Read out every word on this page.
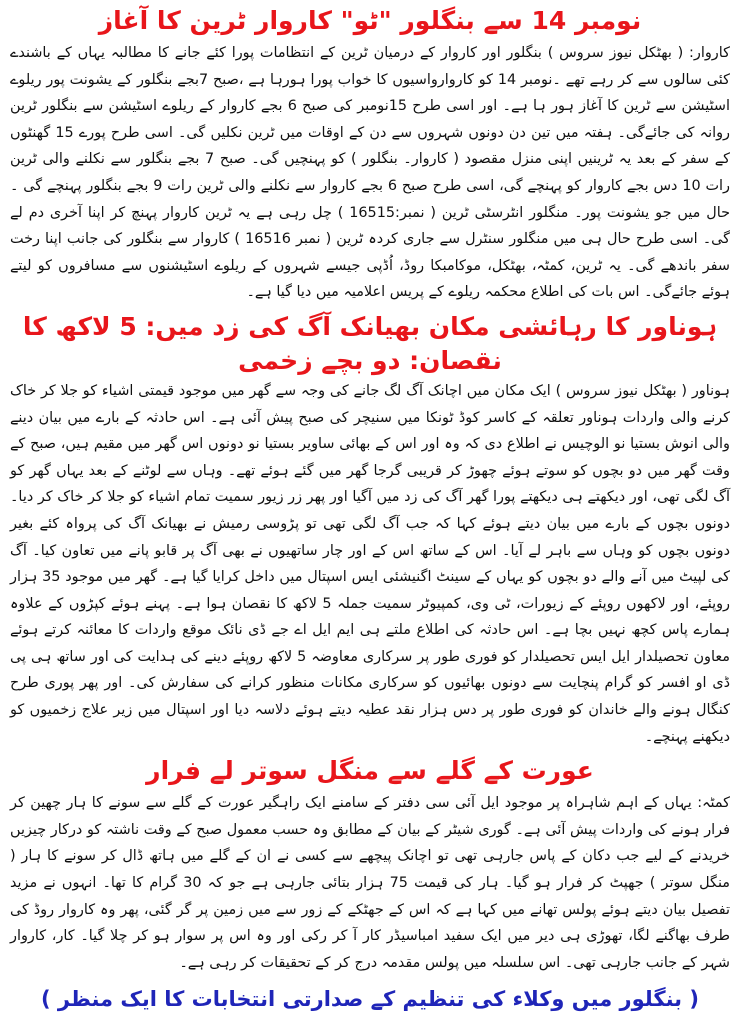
نومبر 14 سے بنگلور "ٹو" کاروار ٹرین کا آغاز

کاروار: ( بھٹکل نیوز سروس ) بنگلور اور کاروار کے درمیان ٹرین کے انتظامات پورا کئے جانے کا مطالبہ یہاں کے باشندے کئی سالوں سے کر رہے تھے ۔نومبر 14 کو کاروارواسیوں کا خواب پورا ہورہا ہے ،صبح 7بجے بنگلور کے یشونت پور ریلوے اسٹیشن سے ٹرین کا آغاز ہور ہا ہے۔ اور اسی طرح 15نومبر کی صبح 6 بجے کاروار کے ریلوے اسٹیشن سے بنگلور ٹرین روانہ کی جائےگی۔ ہفتہ میں تین دن دونوں شہروں سے دن کے اوقات میں ٹرین نکلیں گی۔ اسی طرح پورے 15 گھنٹوں کے سفر کے بعد یہ ٹرینیں اپنی منزل مقصود ( کاروار۔ بنگلور ) کو پہنچیں گی۔ صبح 7 بجے بنگلور سے نکلنے والی ٹرین رات 10 دس بجے کاروار کو پہنچے گی، اسی طرح صبح 6 بجے کاروار سے نکلنے والی ٹرین رات 9 بجے بنگلور پہنچے گی ۔ حال میں جو یشونت پور۔ منگلور انٹرسٹی ٹرین ( نمبر:16515 ) چل رہی ہے یہ ٹرین کاروار پہنچ کر اپنا آخری دم لے گی۔ اسی طرح حال ہی میں منگلور سنٹرل سے جاری کردہ ٹرین ( نمبر 16516 ) کاروار سے بنگلور کی جانب اپنا رخت سفر باندھے گی۔ یہ ٹرین، کمٹہ، بھٹکل، موکامبکا روڈ، اُڈپی جیسے شہروں کے ریلوے اسٹیشنوں سے مسافروں کو لیتے ہوئے جائےگی۔ اس بات کی اطلاع محکمہ ریلوے کے پریس اعلامیہ میں دیا گیا ہے۔

ہوناور کا رہائشی مکان بھیانک آگ کی زد میں: 5 لاکھ کا نقصان: دو بچے زخمی

ہوناور ( بھٹکل نیوز سروس ) ایک مکان میں اچانک آگ لگ جانے کی وجہ سے گھر میں موجود قیمتی اشیاء کو جلا کر خاک کرنے والی واردات ہوناور تعلقہ کے کاسر کوڈ ٹونکا میں سنیچر کی صبح پیش آئی ہے۔ اس حادثہ کے بارے میں بیان دینے والی انوش بستیا نو الوچیس نے اطلاع دی کہ وہ اور اس کے بھائی ساویر بستیا نو دونوں اس گھر میں مقیم ہیں، صبح کے وقت گھر میں دو بچوں کو سوتے ہوئے چھوڑ کر قریبی گرجا گھر میں گئے ہوئے تھے۔ وہاں سے لوٹنے کے بعد یہاں گھر کو آگ لگی تھی، اور دیکھتے ہی دیکھتے پورا گھر آگ کی زد میں آگیا اور پھر زر زیور سمیت تمام اشیاء کو جلا کر خاک کر دیا۔ دونوں بچوں کے بارے میں بیان دیتے ہوئے کہا کہ جب آگ لگی تھی تو پڑوسی رمیش نے بھیانک آگ کی پرواہ کئے بغیر دونوں بچوں کو وہاں سے باہر لے آیا۔ اس کے ساتھ اس کے اور چار ساتھیوں نے بھی آگ پر قابو پانے میں تعاون کیا۔ آگ کی لپیٹ میں آنے والے دو بچوں کو یہاں کے سینٹ اگنیشئی ایس اسپتال میں داخل کرایا گیا ہے۔ گھر میں موجود 35 ہزار روپئے، اور لاکھوں روپئے کے زیورات، ٹی وی، کمپیوٹر سمیت جملہ 5 لاکھ کا نقصان ہوا ہے۔ پہنے ہوئے کپڑوں کے علاوہ ہمارے پاس کچھ نہیں بچا ہے۔ اس حادثہ کی اطلاع ملتے ہی ایم ایل اے جے ڈی نائک موقع واردات کا معائنہ کرتے ہوئے معاون تحصیلدار ایل ایس تحصیلدار کو فوری طور پر سرکاری معاوضہ 5 لاکھ روپئے دینے کی ہدایت کی اور ساتھ ہی پی ڈی او افسر کو گرام پنچایت سے دونوں بھائیوں کو سرکاری مکانات منظور کرانے کی سفارش کی۔ اور پھر پوری طرح کنگال ہونے والے خاندان کو فوری طور پر دس ہزار نقد عطیہ دیتے ہوئے دلاسہ دیا اور اسپتال میں زیر علاج زخمیوں کو دیکھنے پہنچے۔

عورت کے گلے سے منگل سوتر لے فرار

کمٹہ: یہاں کے اہم شاہراہ پر موجود ایل آئی سی دفتر کے سامنے ایک راہگیر عورت کے گلے سے سونے کا ہار چھین کر فرار ہونے کی واردات پیش آئی ہے۔ گوری شیٹر کے بیان کے مطابق وہ حسب معمول صبح کے وقت ناشتہ کو درکار چیزیں خریدنے کے لیے جب دکان کے پاس جارہی تھی تو اچانک پیچھے سے کسی نے ان کے گلے میں ہاتھ ڈال کر سونے کا ہار ( منگل سوتر ) جھپٹ کر فرار ہو گیا۔ ہار کی قیمت 75 ہزار بتائی جارہی ہے جو کہ 30 گرام کا تھا۔ انہوں نے مزید تفصیل بیان دیتے ہوئے پولس تھانے میں کہا ہے کہ اس کے جھٹکے کے زور سے میں زمین پر گر گئی، پھر وہ کاروار روڈ کی طرف بھاگنے لگا، تھوڑی ہی دیر میں ایک سفید امباسیڈر کار آ کر رکی اور وہ اس پر سوار ہو کر چلا گیا۔ کار، کاروار شہر کے جانب جارہی تھی۔ اس سلسلہ میں پولس مقدمہ درج کر کے تحقیقات کر رہی ہے۔

( بنگلور میں وکلاء کی تنظیم کے صدارتی انتخابات کا ایک منظر )
